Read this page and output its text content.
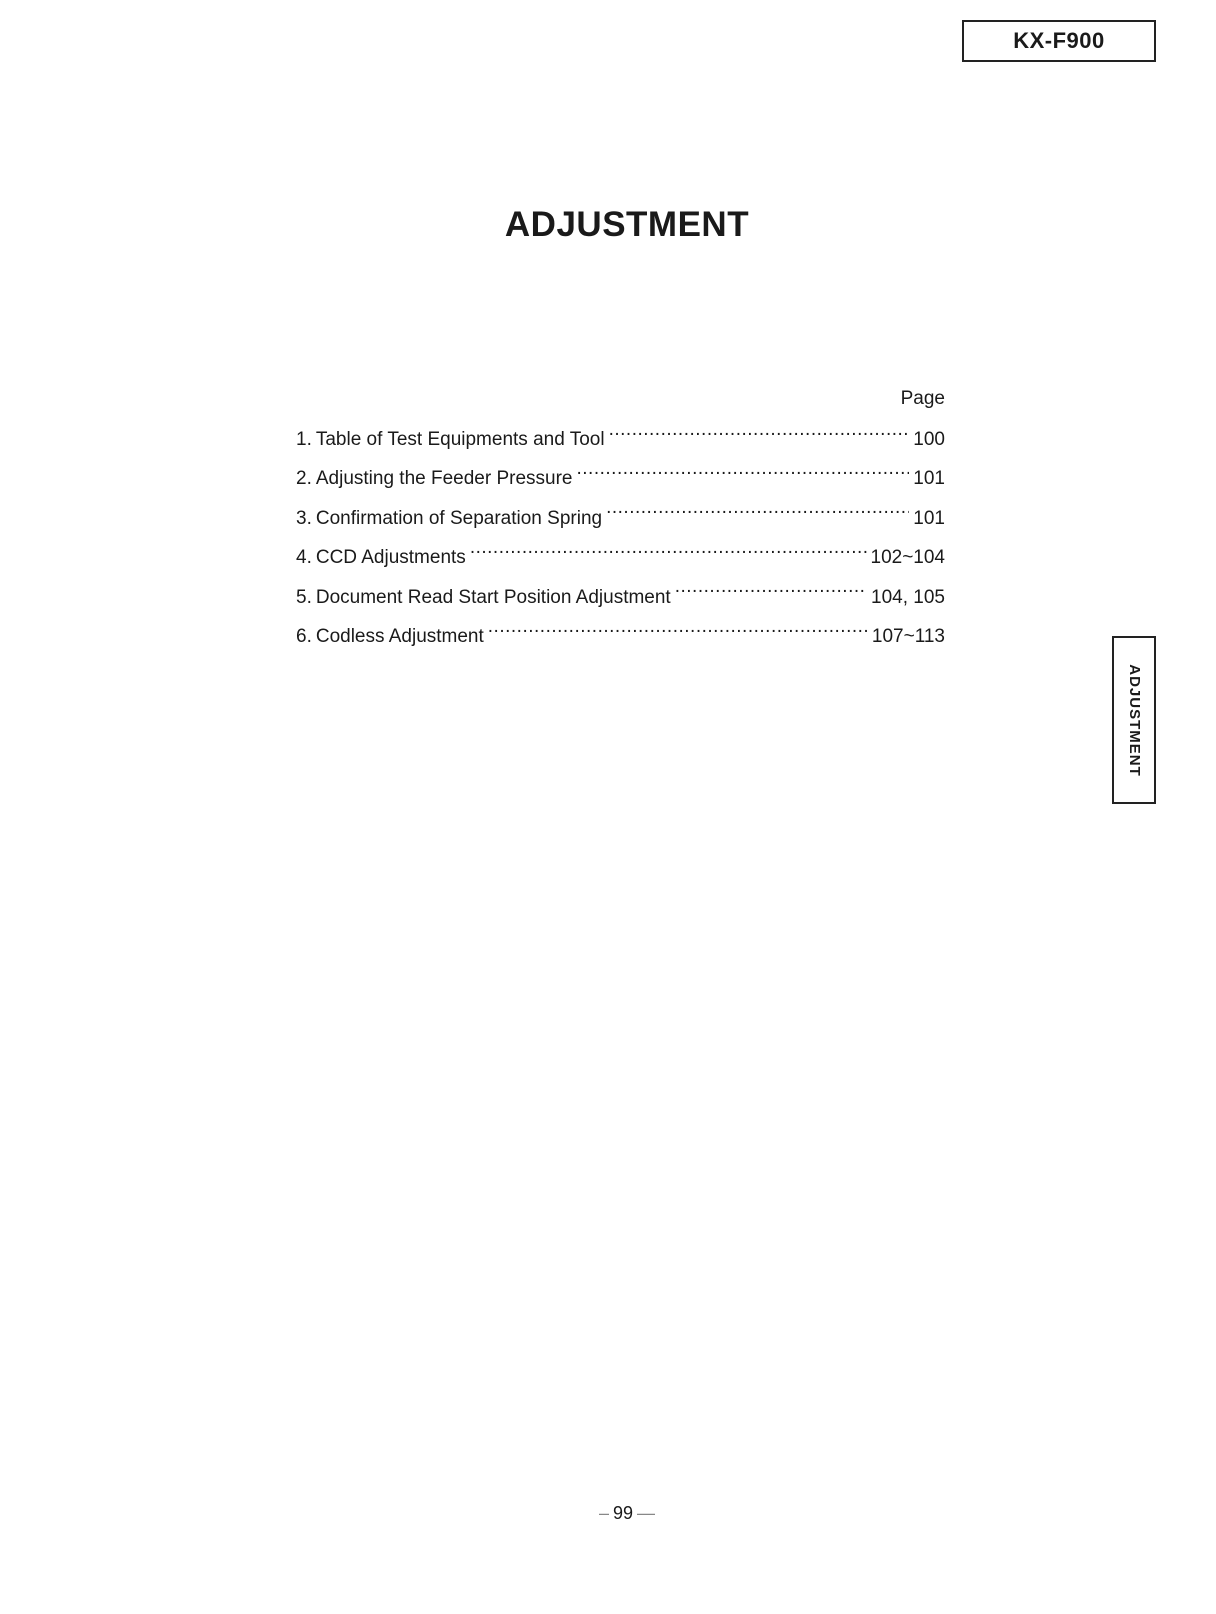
KX-F900
ADJUSTMENT
Page
1. Table of Test Equipments and Tool .....	100
2. Adjusting the Feeder Pressure .....	101
3. Confirmation of Separation Spring .....	101
4. CCD Adjustments .....	102~104
5. Document Read Start Position Adjustment .....	104, 105
6. Codless Adjustment .....	107~113
ADJUSTMENT
– 99 —
